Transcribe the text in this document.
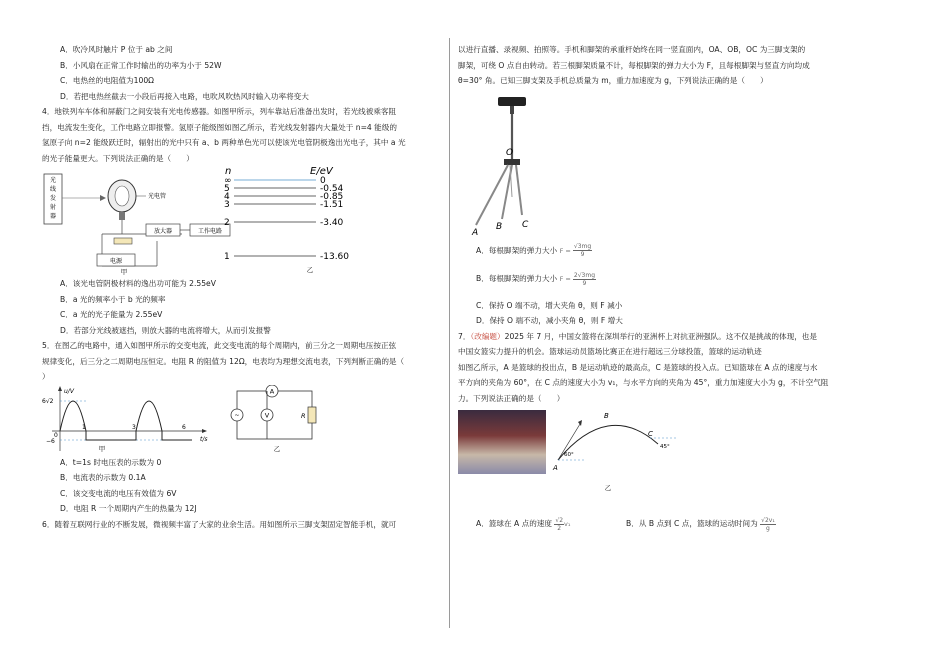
A．吹冷风时触片 P 位于 ab 之间

B．小风扇在正常工作时输出的功率为小于 52W

C．电热丝的电阻值为100Ω

D．若把电热丝截去一小段后再接入电路，电吹风吹热风时输入功率将变大

4．地铁列车车体和屏蔽门之间安装有光电传感器。如图甲所示，列车靠站后准备出发时，若光线被乘客阻

挡，电流发生变化，工作电路立即报警。氢原子能级图如图乙所示，若光线发射器内大量处于 n=4 能级的

氢原子向 n=2 能级跃迁时，辐射出的光中只有 a、b 两种单色光可以使该光电管阴极逸出光电子，其中 a 光

的光子能量更大。下列说法正确的是（　　）

光
线
发
射
器
光电管
电源
放大器	工作电路
甲
n	E/eV
乙
∞	0
5	-0.54
4	-0.85
3	-1.51
2	-3.40
1	-13.60

A．该光电管阴极材料的逸出功可能为 2.55eV

B．a 光的频率小于 b 光的频率

C．a 光的光子能量为 2.55eV

D．若部分光线被遮挡，则放大器的电流将增大，从而引发报警

5．在图乙的电路中，通入如图甲所示的交变电流，此交变电流的每个周期内，前三分之一周期电压按正弦

规律变化，后三分之二周期电压恒定。电阻 R 的阻值为 12Ω，电表均为理想交流电表，下列判断正确的是（

）

u/V
t/s
6√2
−6
0
1	3	6
~
A
V	R
乙
甲

A．t=1s 时电压表的示数为 0

B．电流表的示数为 0.1A

C．该交变电流的电压有效值为 6V

D．电阻 R 一个周期内产生的热量为 12J

6．随着互联网行业的不断发展，微视频丰富了大家的业余生活。用如图所示三脚支架固定智能手机，就可

以进行直播、录视频、拍照等。手机和脚架的承重杆始终在同一竖直面内，OA、OB，OC 为三脚支架的

脚架，可绕 O 点自由转动。若三根脚架质量不计，每根脚架的弹力大小为 F，且每根脚架与竖直方向均成

θ=30° 角。已知三脚支架及手机总质量为 m，重力加速度为 g，下列说法正确的是（　　）

O
A
B C

A．每根脚架的弹力大小 $F = \frac{√3mg}{9}$

B．每根脚架的弹力大小 $F = \frac{2√3mg}{9}$

C．保持 O 端不动，增大夹角 θ，则 F 减小

D．保持 O 端不动，减小夹角 θ，则 F 增大

7．（改编题）2025 年 7 月，中国女篮将在深圳举行的亚洲杯上对抗亚洲强队。这不仅是挑战的体现，也是

中国女篮实力提升的机会。篮球运动员篮场比赛正在进行超远三分球投篮，篮球的运动轨迹

如图乙所示，A 是篮球的投出点，B 是运动轨迹的最高点，C 是篮球的投入点。已知篮球在 A 点的速度与水

平方向的夹角为 60°，在 C 点的速度大小为 v₁，与水平方向的夹角为 45°，重力加速度大小为 g，不计空气阻

力。下列说法正确的是（　　）

A
B
C
60°
45°
乙

A．篮球在 A 点的速度 $\frac{√2}{2} v_1$	B．从 B 点到 C 点，篮球的运动时间为 $\frac{\text{√2v₁}}{g}$
